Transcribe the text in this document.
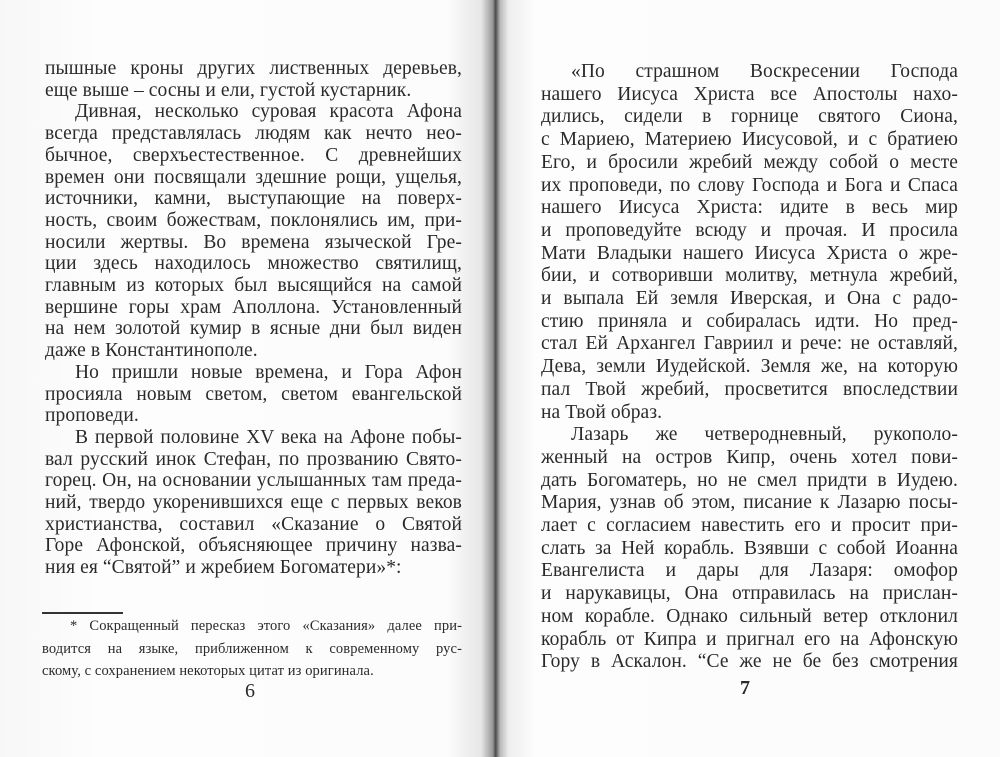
пышные кроны других лиственных деревьев,
еще выше – сосны и ели, густой кустарник.
Дивная, несколько суровая красота Афона
всегда представлялась людям как нечто нео-
бычное, сверхъестественное. С древнейших
времен они посвящали здешние рощи, ущелья,
источники, камни, выступающие на поверх-
ность, своим божествам, поклонялись им, при-
носили жертвы. Во времена языческой Гре-
ции здесь находилось множество святилищ,
главным из которых был высящийся на самой
вершине горы храм Аполлона. Установленный
на нем золотой кумир в ясные дни был виден
даже в Константинополе.
Но пришли новые времена, и Гора Афон
просияла новым светом, светом евангельской
проповеди.
В первой половине XV века на Афоне побы-
вал русский инок Стефан, по прозванию Свято-
горец. Он, на основании услышанных там преда-
ний, твердо укоренившихся еще с первых веков
христианства, составил «Сказание о Святой
Горе Афонской, объясняющее причину назва-
ния ея “Святой” и жребием Богоматери»*:
* Сокращенный пересказ этого «Сказания» далее при-
водится на языке, приближенном к современному рус-
скому, с сохранением некоторых цитат из оригинала.
6
«По страшном Воскресении Господа
нашего Иисуса Христа все Апостолы нахо-
дились, сидели в горнице святого Сиона,
с Мариею, Материею Иисусовой, и с братиею
Его, и бросили жребий между собой о месте
их проповеди, по слову Господа и Бога и Спаса
нашего Иисуса Христа: идите в весь мир
и проповедуйте всюду и прочая. И просила
Мати Владыки нашего Иисуса Христа о жре-
бии, и сотворивши молитву, метнула жребий,
и выпала Ей земля Иверская, и Она с радо-
стию приняла и собиралась идти. Но пред-
стал Ей Архангел Гавриил и рече: не оставляй,
Дева, земли Иудейской. Земля же, на которую
пал Твой жребий, просветится впоследствии
на Твой образ.
Лазарь же четверодневный, рукополо-
женный на остров Кипр, очень хотел пови-
дать Богоматерь, но не смел придти в Иудею.
Мария, узнав об этом, писание к Лазарю посы-
лает с согласием навестить его и просит при-
слать за Ней корабль. Взявши с собой Иоанна
Евангелиста и дары для Лазаря: омофор
и нарукавицы, Она отправилась на прислан-
ном корабле. Однако сильный ветер отклонил
корабль от Кипра и пригнал его на Афонскую
Гору в Аскалон. “Се же не бе без смотрения
7
